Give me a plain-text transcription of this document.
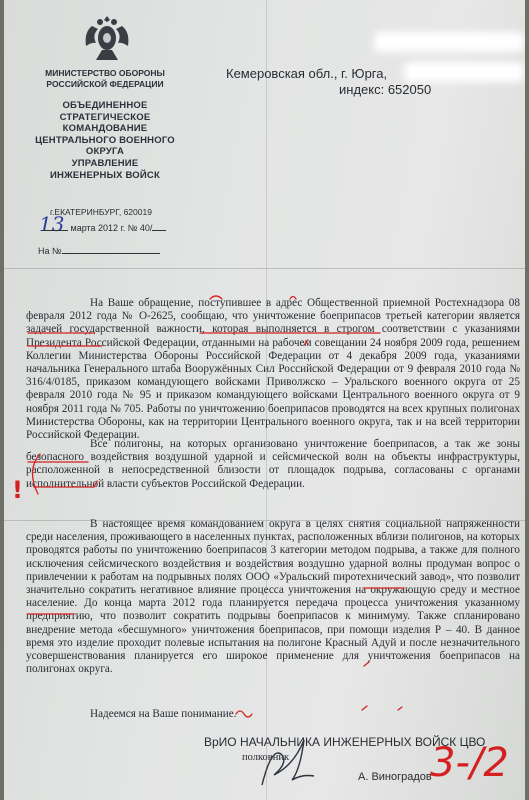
МИНИСТЕРСТВО ОБОРОНЫ
РОССИЙСКОЙ ФЕДЕРАЦИИ
ОБЪЕДИНЕННОЕ
СТРАТЕГИЧЕСКОЕ
КОМАНДОВАНИЕ
ЦЕНТРАЛЬНОГО ВОЕННОГО
ОКРУГА
УПРАВЛЕНИЕ
ИНЖЕНЕРНЫХ ВОЙСК
г.ЕКАТЕРИНБУРГ, 620019
13 марта 2012 г. № 40/
На №
Кемеровская обл., г. Юрга,
индекс: 652050

На Ваше обращение, поступившее в адрес Общественной приемной Ростехнадзора 08 февраля 2012 года № О-2625, сообщаю, что уничтожение боеприпасов третьей категории является задачей государственной важности, которая выполняется в строгом соответствии с указаниями Президента Российской Федерации, отданными на рабочем совещании 24 ноября 2009 года, решением Коллегии Министерства Обороны Российской Федерации от 4 декабря 2009 года, указаниями начальника Генерального штаба Вооружённых Сил Российской Федерации от 9 февраля 2010 года № 316/4/0185, приказом командующего войсками Приволжско – Уральского военного округа от 25 февраля 2010 года № 95 и приказом командующего войсками Центрального военного округа от 9 ноября 2011 года № 705. Работы по уничтожению боеприпасов проводятся на всех крупных полигонах Министерства Обороны, как на территории Центрального военного округа, так и на всей территории Российской Федерации.

Все полигоны, на которых организовано уничтожение боеприпасов, а так же зоны безопасного воздействия воздушной ударной и сейсмической волн на объекты инфраструктуры, расположенной в непосредственной близости от площадок подрыва, согласованы с органами исполнительной власти субъектов Российской Федерации.

В настоящее время командованием округа в целях снятия социальной напряженности среди населения, проживающего в населенных пунктах, расположенных вблизи полигонов, на которых проводятся работы по уничтожению боеприпасов 3 категории методом подрыва, а также для полного исключения сейсмического воздействия и воздействия воздушно ударной волны продуман вопрос о привлечении к работам на подрывных полях ООО «Уральский пиротехнический завод», что позволит значительно сократить негативное влияние процесса уничтожения на окружающую среду и местное население. До конца марта 2012 года планируется передача процесса уничтожения указанному предприятию, что позволит сократить подрывы боеприпасов к минимуму. Также спланировано внедрение метода «бесшумного» уничтожения боеприпасов, при помощи изделия Р – 40. В данное время это изделие проходит полевые испытания на полигоне Красный Адуй и после незначительного усовершенствования планируется его широкое применение для уничтожения боеприпасов на полигонах округа.

Надеемся на Ваше понимание.

ВрИО НАЧАЛЬНИКА ИНЖЕНЕРНЫХ ВОЙСК ЦВО
полковник
А. Виноградов
!
3-/2
